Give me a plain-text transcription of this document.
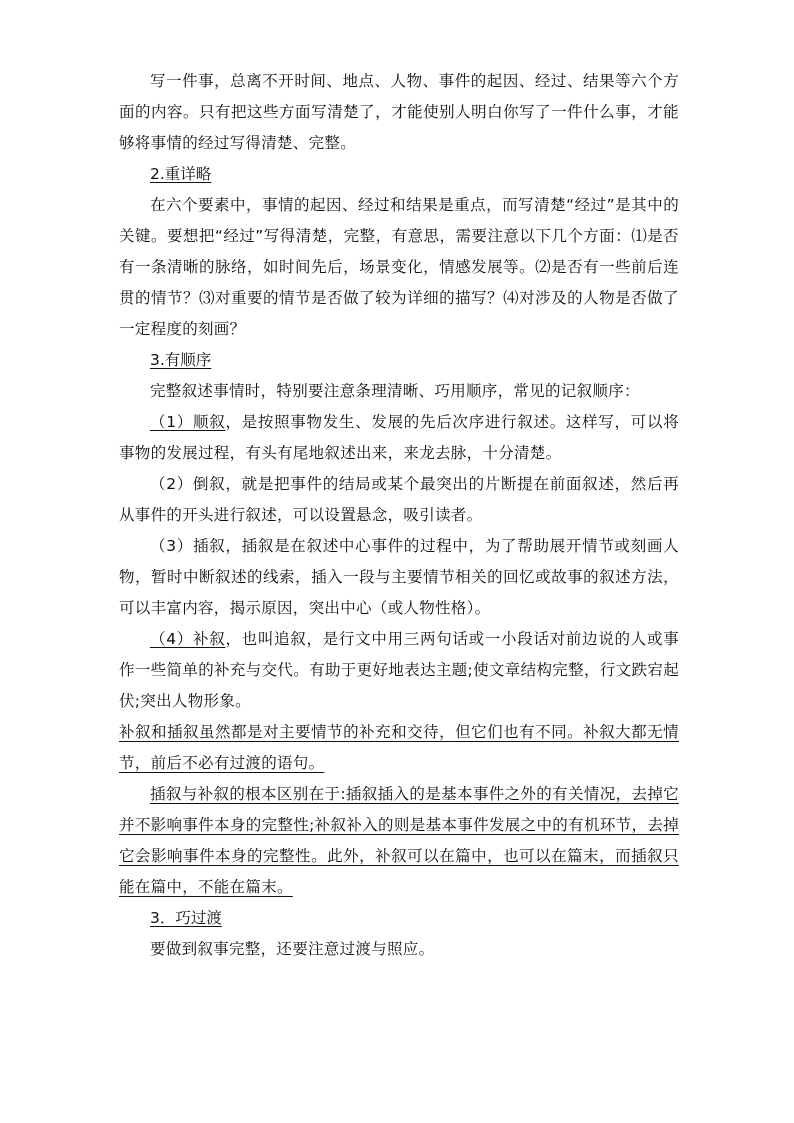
写一件事，总离不开时间、地点、人物、事件的起因、经过、结果等六个方面的内容。只有把这些方面写清楚了，才能使别人明白你写了一件什么事，才能够将事情的经过写得清楚、完整。

2.重详略

在六个要素中，事情的起因、经过和结果是重点，而写清楚“经过”是其中的关键。要想把“经过”写得清楚，完整，有意思，需要注意以下几个方面：⑴是否有一条清晰的脉络，如时间先后，场景变化，情感发展等。⑵是否有一些前后连贯的情节？⑶对重要的情节是否做了较为详细的描写？⑷对涉及的人物是否做了一定程度的刻画？

3.有顺序

完整叙述事情时，特别要注意条理清晰、巧用顺序，常见的记叙顺序：

（1）顺叙，是按照事物发生、发展的先后次序进行叙述。这样写，可以将事物的发展过程，有头有尾地叙述出来，来龙去脉，十分清楚。

（2）倒叙，就是把事件的结局或某个最突出的片断提在前面叙述，然后再从事件的开头进行叙述，可以设置悬念，吸引读者。

（3）插叙，插叙是在叙述中心事件的过程中，为了帮助展开情节或刻画人物，暂时中断叙述的线索，插入一段与主要情节相关的回忆或故事的叙述方法，可以丰富内容，揭示原因，突出中心（或人物性格）。

（4）补叙，也叫追叙，是行文中用三两句话或一小段话对前边说的人或事作一些简单的补充与交代。有助于更好地表达主题;使文章结构完整，行文跌宕起伏;突出人物形象。

补叙和插叙虽然都是对主要情节的补充和交待，但它们也有不同。补叙大都无情节，前后不必有过渡的语句。

插叙与补叙的根本区别在于:插叙插入的是基本事件之外的有关情况，去掉它并不影响事件本身的完整性;补叙补入的则是基本事件发展之中的有机环节，去掉它会影响事件本身的完整性。此外，补叙可以在篇中，也可以在篇末，而插叙只能在篇中，不能在篇末。

3．巧过渡

要做到叙事完整，还要注意过渡与照应。
